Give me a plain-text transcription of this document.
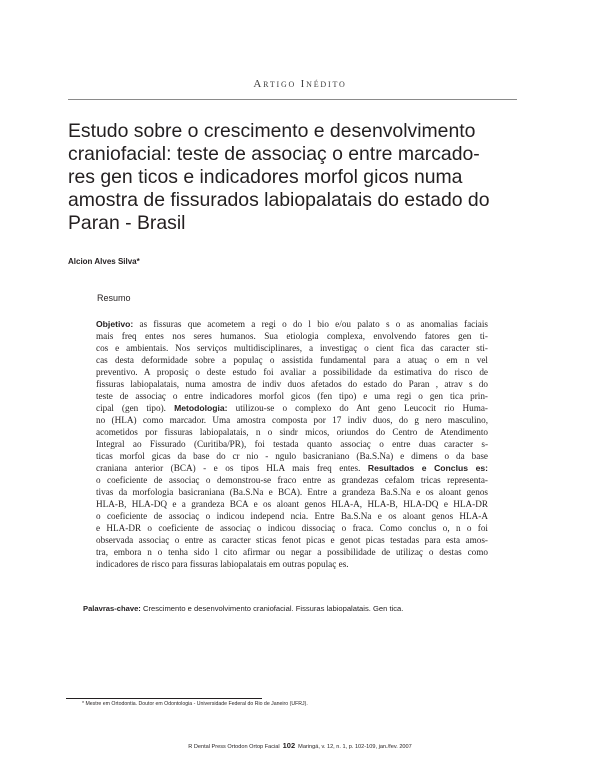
Artigo Inédito
Estudo sobre o crescimento e desenvolvimento
craniofacial: teste de associaç o entre marcado-
res gen ticos e indicadores morfol gicos numa
amostra de fissurados labiopalatais do estado do
Paran - Brasil
Alcion Alves Silva*
Resumo
Objetivo: as fissuras que acometem a regi o do l bio e/ou palato s o as anomalias faciais
mais freq entes nos seres humanos. Sua etiologia complexa, envolvendo fatores gen ti-
cos e ambientais. Nos serviços multidisciplinares, a investigaç o cient fica das caracter sti-
cas desta deformidade sobre a populaç o assistida fundamental para a atuaç o em n vel
preventivo. A proposiç o deste estudo foi avaliar a possibilidade da estimativa do risco de
fissuras labiopalatais, numa amostra de indiv duos afetados do estado do Paran , atrav s do
teste de associaç o entre indicadores morfol gicos (fen tipo) e uma regi o gen tica prin-
cipal (gen tipo). Metodologia: utilizou-se o complexo do Ant geno Leucocit rio Huma-
no (HLA) como marcador. Uma amostra composta por 17 indiv duos, do g nero masculino,
acometidos por fissuras labiopalatais, n o sindr micos, oriundos do Centro de Atendimento
Integral ao Fissurado (Curitiba/PR), foi testada quanto associaç o entre duas caracter s-
ticas morfol gicas da base do cr nio - ngulo basicraniano (Ba.S.Na) e dimens o da base
craniana anterior (BCA) - e os tipos HLA mais freq entes. Resultados e Conclus es:
o coeficiente de associaç o demonstrou-se fraco entre as grandezas cefalom tricas representa-
tivas da morfologia basicraniana (Ba.S.Na e BCA). Entre a grandeza Ba.S.Na e os aloant genos
HLA-B, HLA-DQ e a grandeza BCA e os aloant genos HLA-A, HLA-B, HLA-DQ e HLA-DR
o coeficiente de associaç o indicou independ ncia. Entre Ba.S.Na e os aloant genos HLA-A
e HLA-DR o coeficiente de associaç o indicou dissociaç o fraca. Como conclus o, n o foi
observada associaç o entre as caracter sticas fenot picas e genot picas testadas para esta amos-
tra, embora n o tenha sido l cito afirmar ou negar a possibilidade de utilizaç o destas como
indicadores de risco para fissuras labiopalatais em outras populaç es.
Palavras-chave: Crescimento e desenvolvimento craniofacial. Fissuras labiopalatais. Gen tica.
* Mestre em Ortodontia. Doutor em Odontologia - Universidade Federal do Rio de Janeiro (UFRJ).
R Dental Press Ortodon Ortop Facial 102 Maringá, v. 12, n. 1, p. 102-109, jan./fev. 2007
